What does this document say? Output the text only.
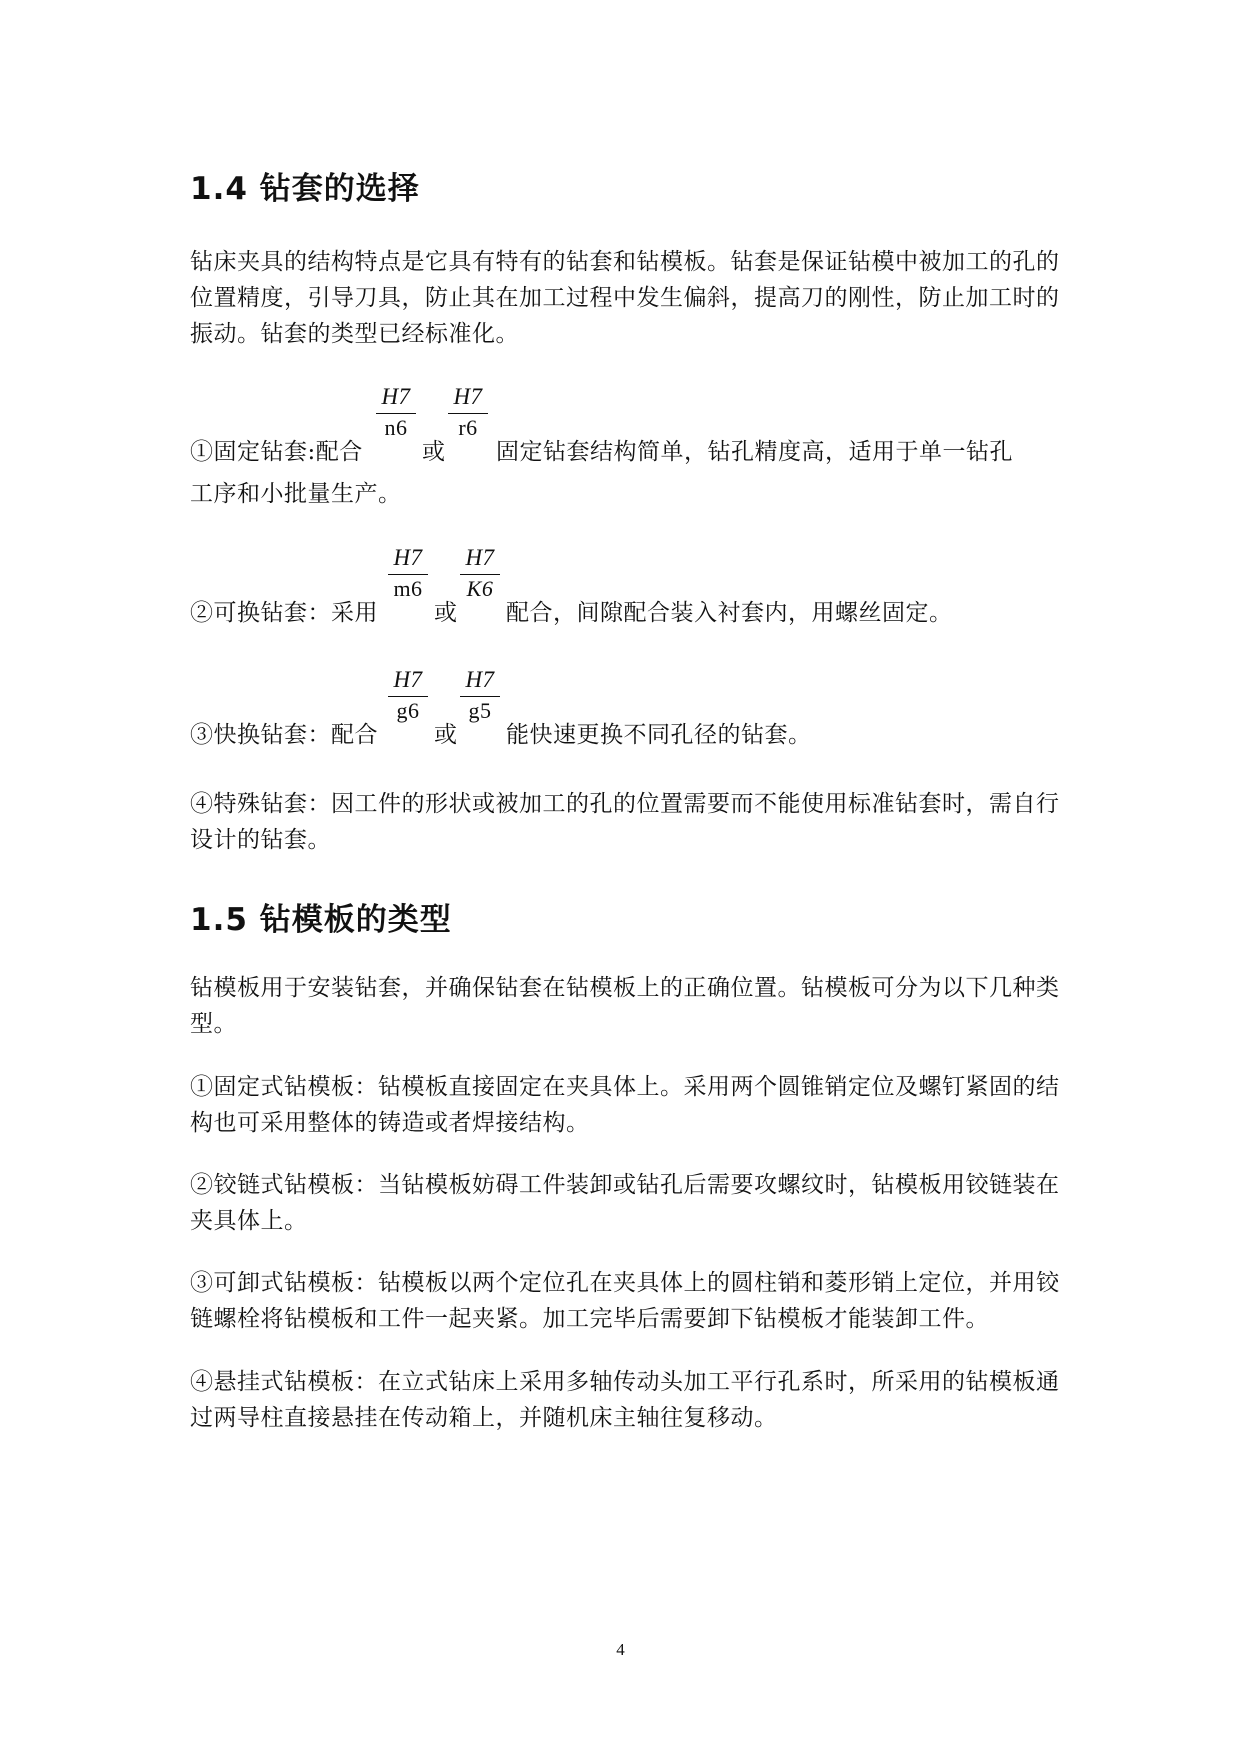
1.4 钻套的选择

钻床夹具的结构特点是它具有特有的钻套和钻模板。钻套是保证钻模中被加工的孔的位置精度，引导刀具，防止其在加工过程中发生偏斜，提高刀的刚性，防止加工时的振动。钻套的类型已经标准化。

①固定钻套:配合
$\frac{H7}{n6}$
或
$\frac{H7}{r6}$
固定钻套结构简单，钻孔精度高，适用于单一钻孔

工序和小批量生产。

②可换钻套：采用
$\frac{H7}{m6}$
或
$\frac{H7}{K6}$
配合，间隙配合装入衬套内，用螺丝固定。
③快换钻套：配合
$\frac{H7}{g6}$
或
$\frac{H7}{g5}$
能快速更换不同孔径的钻套。

④特殊钻套：因工件的形状或被加工的孔的位置需要而不能使用标准钻套时，需自行设计的钻套。

1.5 钻模板的类型

钻模板用于安装钻套，并确保钻套在钻模板上的正确位置。钻模板可分为以下几种类型。

①固定式钻模板：钻模板直接固定在夹具体上。采用两个圆锥销定位及螺钉紧固的结构也可采用整体的铸造或者焊接结构。

②铰链式钻模板：当钻模板妨碍工件装卸或钻孔后需要攻螺纹时，钻模板用铰链装在夹具体上。

③可卸式钻模板：钻模板以两个定位孔在夹具体上的圆柱销和菱形销上定位，并用铰链螺栓将钻模板和工件一起夹紧。加工完毕后需要卸下钻模板才能装卸工件。

④悬挂式钻模板：在立式钻床上采用多轴传动头加工平行孔系时，所采用的钻模板通过两导柱直接悬挂在传动箱上，并随机床主轴往复移动。

4
